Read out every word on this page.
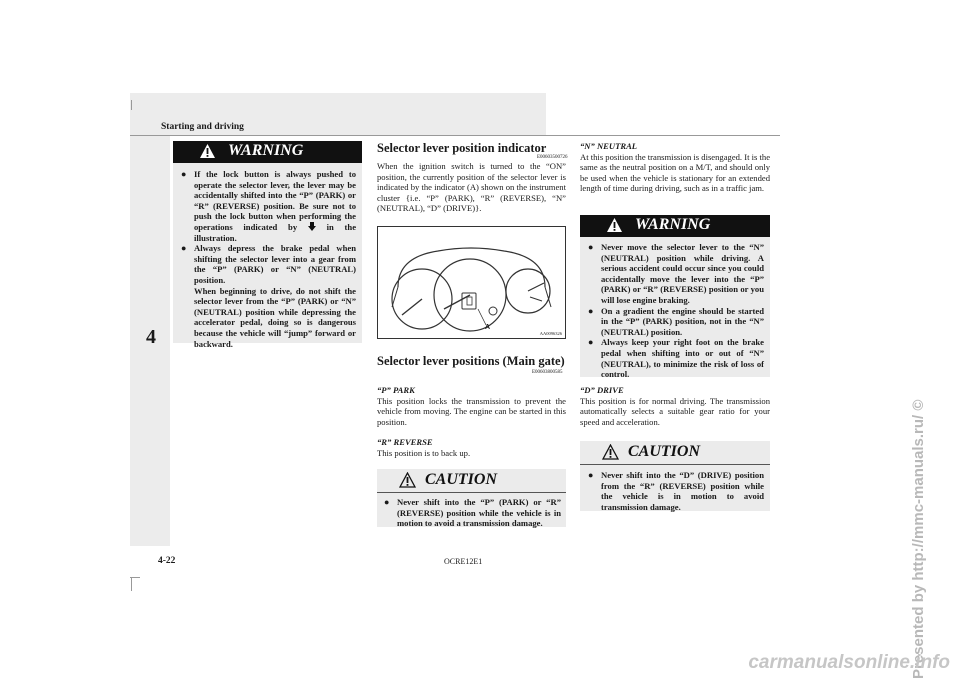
Starting and driving
4
4-22	OCRE12E1	Presented by http://mmc-manuals.ru/ ©
carmanualsonline.info
WARNING
● If the lock button is always pushed to operate the selector lever, the lever may be accidentally shifted into the “P” (PARK) or “R” (REVERSE) position. Be sure not to push the lock button when performing the operations indicated by	in the illustration.
● Always depress the brake pedal when shifting the selector lever into a gear from the “P” (PARK) or “N” (NEUTRAL) position.
When beginning to drive, do not shift the selector lever from the “P” (PARK) or “N” (NEUTRAL) position while depressing the accelerator pedal, doing so is dangerous because the vehicle will “jump” forward or backward.
Selector lever position indicator
E00603500726
When the ignition switch is turned to the “ON” position, the currently position of the selector lever is indicated by the indicator (A) shown on the instrument cluster {i.e. “P” (PARK), “R” (REVERSE), “N” (NEUTRAL), “D” (DRIVE)}.
A
AA0096326
Selector lever positions (Main gate)
E00603800585
“P” PARK
This position locks the transmission to prevent the vehicle from moving. The engine can be started in this position.
“R” REVERSE
This position is to back up.
CAUTION
● Never shift into the “P” (PARK) or “R” (REVERSE) position while the vehicle is in motion to avoid a transmission damage.
“N” NEUTRAL
At this position the transmission is disengaged. It is the same as the neutral position on a M/T, and should only be used when the vehicle is stationary for an extended length of time during driving, such as in a traffic jam.
WARNING
● Never move the selector lever to the “N” (NEUTRAL) position while driving. A serious accident could occur since you could accidentally move the lever into the “P” (PARK) or “R” (REVERSE) position or you will lose engine braking.
● On a gradient the engine should be started in the “P” (PARK) position, not in the “N” (NEUTRAL) position.
● Always keep your right foot on the brake pedal when shifting into or out of “N” (NEUTRAL), to minimize the risk of loss of control.
“D” DRIVE
This position is for normal driving. The transmission automatically selects a suitable gear ratio for your speed and acceleration.
CAUTION
● Never shift into the “D” (DRIVE) position from the “R” (REVERSE) position while the vehicle is in motion to avoid transmission damage.
